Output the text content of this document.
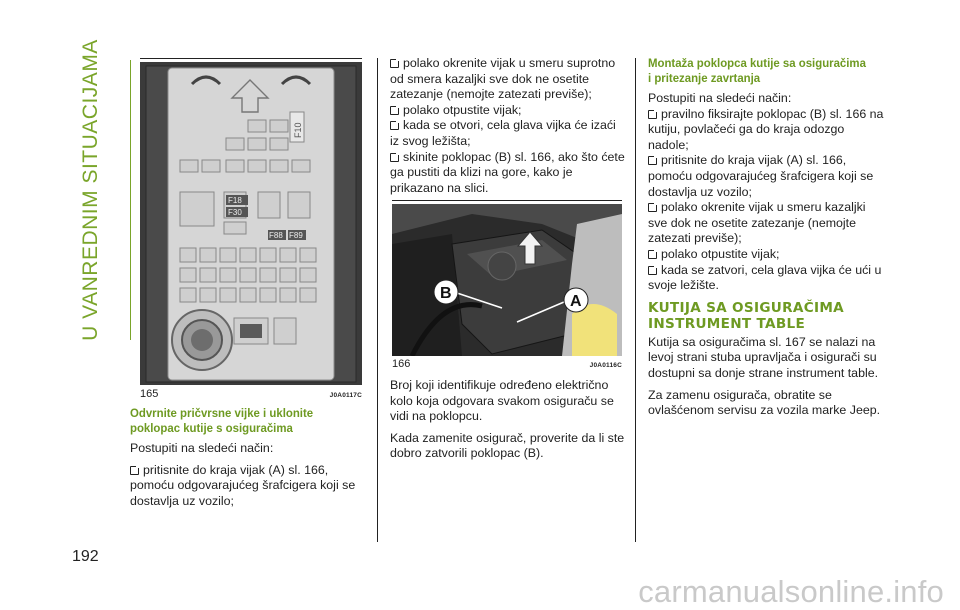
U VANREDNIM SITUACIJAMA
192
F10
F18
F30
F88 F89
165	J0A0117C

Odvrnite pričvrsne vijke i uklonite poklopac kutije s osiguračima

Postupiti na sledeći način:

pritisnite do kraja vijak (A) sl. 166, pomoću odgovarajućeg šrafcigera koji se dostavlja uz vozilo;

polako okrenite vijak u smeru suprotno od smera kazaljki sve dok ne osetite zatezanje (nemojte zatezati previše);

polako otpustite vijak;

kada se otvori, cela glava vijka će izaći iz svog ležišta;

skinite poklopac (B) sl. 166, ako što ćete ga pustiti da klizi na gore, kako je prikazano na slici.

B	A
166	J0A0116C

Broj koji identifikuje određeno električno kolo koja odgovara svakom osiguraču se vidi na poklopcu.

Kada zamenite osigurač, proverite da li ste dobro zatvorili poklopac (B).

Montaža poklopca kutije sa osiguračima i pritezanje zavrtanja

Postupiti na sledeći način:

pravilno fiksirajte poklopac (B) sl. 166 na kutiju, povlačeći ga do kraja odozgo nadole;

pritisnite do kraja vijak (A) sl. 166, pomoću odgovarajućeg šrafcigera koji se dostavlja uz vozilo;

polako okrenite vijak u smeru kazaljki sve dok ne osetite zatezanje (nemojte zatezati previše);

polako otpustite vijak;

kada se zatvori, cela glava vijka će ući u svoje ležište.

KUTIJA SA OSIGURAČIMA
INSTRUMENT TABLE

Kutija sa osiguračima sl. 167 se nalazi na levoj strani stuba upravljača i osigurači su dostupni sa donje strane instrument table.

Za zamenu osigurača, obratite se ovlašćenom servisu za vozila marke Jeep.

carmanualsonline.info
